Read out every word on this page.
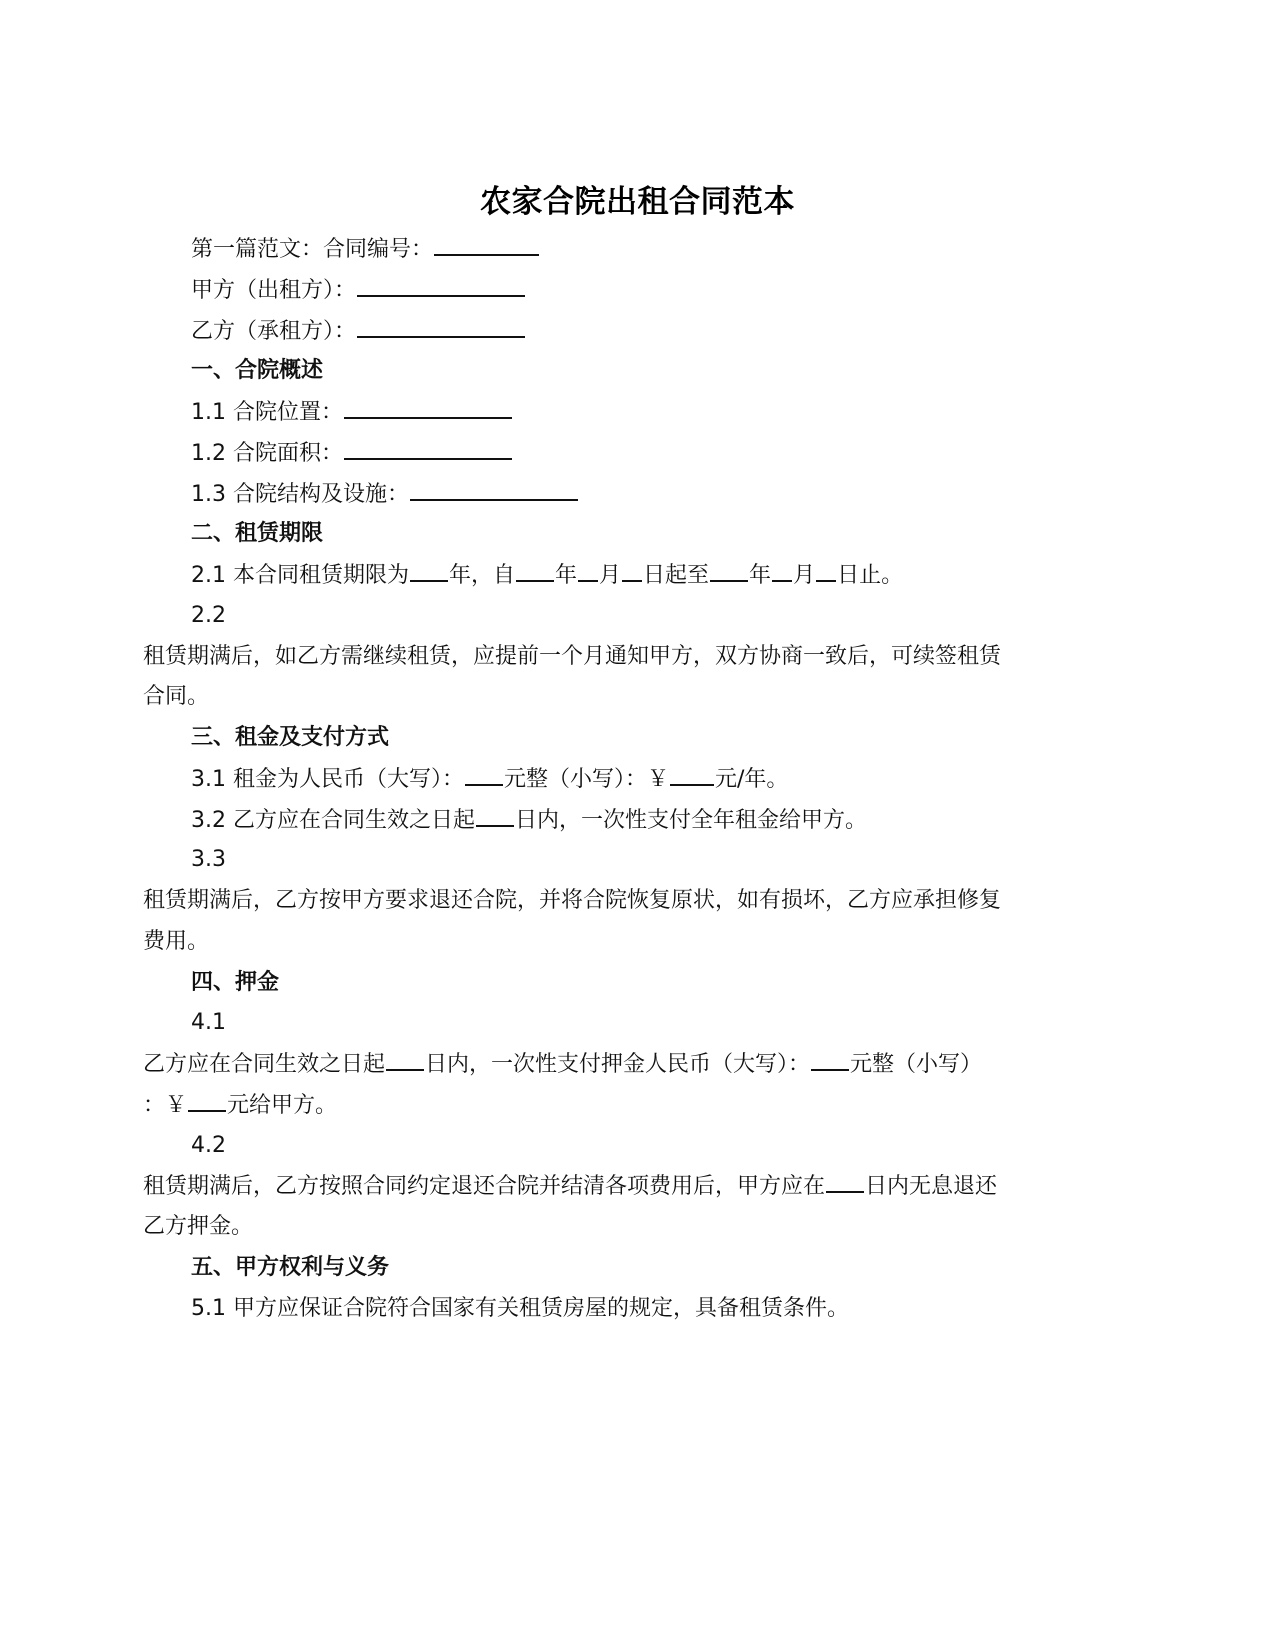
农家合院出租合同范本
第一篇范文：合同编号：
甲方（出租方）：
乙方（承租方）：
一、合院概述
1.1 合院位置：
1.2 合院面积：
1.3 合院结构及设施：
二、租赁期限
2.1 本合同租赁期限为 年，自 年 月 日起至 年 月 日止。
2.2
租赁期满后，如乙方需继续租赁，应提前一个月通知甲方，双方协商一致后，可续签租赁
合同。
三、租金及支付方式
3.1 租金为人民币（大写）： 元整（小写）：￥ 元/年。
3.2 乙方应在合同生效之日起 日内，一次性支付全年租金给甲方。
3.3
租赁期满后，乙方按甲方要求退还合院，并将合院恢复原状，如有损坏，乙方应承担修复
费用。
四、押金
4.1
乙方应在合同生效之日起 日内，一次性支付押金人民币（大写）： 元整（小写）
：￥ 元给甲方。
4.2
租赁期满后，乙方按照合同约定退还合院并结清各项费用后，甲方应在 日内无息退还
乙方押金。
五、甲方权利与义务
5.1 甲方应保证合院符合国家有关租赁房屋的规定，具备租赁条件。
